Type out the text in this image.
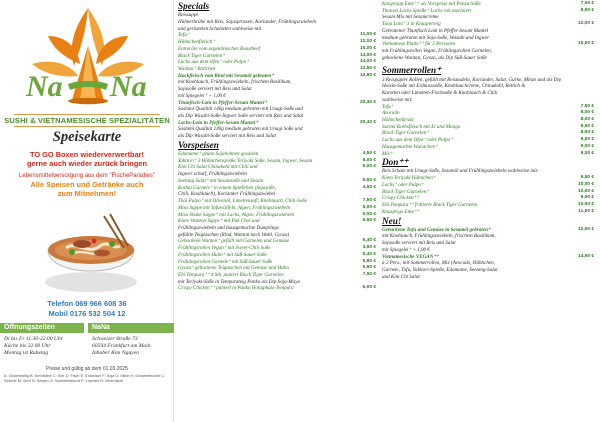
Na Na
SUSHI & VIETNAMESISCHE SPEZIALITÄTEN
Speisekarte
TO GO Boxen wiederverwertbar!
gerne auch wieder zurück bringen
Lebensmittelversorgung aus dem "FischeParadies"
Alle Speisen und Getränke auch
zum Mitnehmen!
Telefon 069 966 608 36
Mobil 0176 532 504 12
Öffnungszeiten	NaNa
Di bis Fr 11.30-22.00 Uhr
Küche bis 22.00 Uhr
Montag ist Ruhetag
Schweizer Straße 73
60594 Frankfurt am Main
Inhaber Kim Nguyen
Preise und gültig ab dem 01.03.2025
A: Glutenhaltig B: Krebstiere C: Eier D: Fisch E: Erdnüsse F: Soja G: Milch H: Schalenfrüchte L: Sellerie M: Senf N: Sesam O: Schwefeldioxid P: Lupinen R: Weichtiere
Specials
Reissuppe
Hühnerbrühe mit Reis, Sojasprossen, Koriander, Frühlingszwiebeln
und gerösteten Schalotten wahlweise mit
Tofu⁺	11,00 €
Hähnchenfleisch⁺	12,00 €
Entrecôte vom argentinischen Roastbeef	15,00 €
Black Tiger Garnelen⁺	14,00 €
Lachs aus dem Ofen⁺ oder Pulpo⁺	14,00 €
Wantan⁺ Bällchen	12,50 €
Hackfleisch vom Rind mit Sesamöl gebraten⁺	12,90 €
mit Knoblauch, Frühlingszwiebeln, frischem Basilikum,
Sojasoße serviert mit Reis und Salat
mit Spiegelei⁺ + 1,00 €
Thunfisch-Loin in Pfeffer-Sesam Mantel⁺	20,40 €
Sashimi Qualität 140g medium gebraten mit Unagi-Soße und
als Dip Wasabi-Soße-Ingwer Soße serviert mit Reis und Salat
Lachs-Loin in Pfeffer-Sesam Mantel⁺	20,40 €
Sashimi Qualität 140g medium gebraten mit Unagi Soße und
als Dip Wasabi-Soße serviert mit Reis und Salat
Vorspeisen
Edamame⁺ grüne Sojabohnen gesalzen	4,50 €
Yakitori⁺ 3 Hähnchenspieße Teriyaki Soße, Sesam, Ingwer, Sesam	6,00 €
Kim Chi Salat Chinakohl mit Chili und	6,00 €
Ingwer scharf, Frühlingszwiebeln
Seetang Salat⁺ mit Sesamsoße und Sesam	5,50 €
Kothai Garnele⁺ in einem Spießchen (Sojasoße,	4,50 €
Chili, Knoblauch), Koriander Frühlingszwiebel
Thai Pulpo⁺ mit Olivenöl, Limettensaft, Knoblauch, Chili-Soße	7,50 €
Miso Suppe mit Tofuwürfeln, Algen, Frühlingszwiebeln	5,00 €
Miso Shake Suppe⁺ mit Lachs, Algen, Frühlingszwiebeln	5,00 €
Klare Wanton Suppe⁺ mit Pak Choi und	6,50 €
Frühlingszwiebeln und hausgemachte Dumplings
gefüllte Teigtaschen (Rind, Wanton nach Wahl, Gyoza)
Gebackene Wantan⁺ gefüllt mit Garnelen und Gemüse	5,40 €
Frühlingsrollen Vegan⁺ mit Sweet-Chili Soße	4,90 €
Frühlingsrollen Huhn⁺ mit Süß-Sauer Soße	5,40 €
Frühlingsrollen Garnele⁺ mit Süß-Sauer Soße	5,90 €
Gyoza⁺ gebackene Teigtaschen mit Gemüse und Huhn	5,90 €
Ebi Tempura⁺⁺ 4 Stk. paniert Black Tiger Garnelen	7,50 €
mit Teriyaki-Soße in Tempurateig Panko als Dip Soja-Mayo
Crispy Chicken⁺⁺ paniert in Panko Honigmais-Tempura	6,00 €
Kaispropp Ente⁺⁺ als Vorspeise mit Ponzu-Soße	7,50 €
Thonsei Lachs Spieße⁺ Lachs roh mariniert	8,50 €
Sesam Mix mit Sesamcreme
Tuna Loin⁺ 3 in Knusperteig	12,00 €
Gebratener Thunfisch Loin in Pfeffer-Sesam Mantel
medium gebraten mit Soja-Soße, Wasabi und Ingwer
Vietnamese Platte⁺⁺ für 2 Personen	15,00 €
mit Frühlingsrollen Vegan, Frühlingsrollen Garnelen,
gebackene Wantan, Gyoza, als Dip Süß-Sauer Soße
Sommerrollen⁺
3 Reispapier Rollen, gefüllt mit Reisnudeln, Koriander, Salat, Gurke, Minze und als Dip
Hoisin-Soße mit Erdnusssoße, Knoblauchcreme, Chinakohl, Rettich &
Karotten oder Limetten-Fischsoße & Knoblauch & Chili
wahlweise mit:
Tofu⁺	7,50 €
Avocado	8,00 €
Hähnchenbrust	8,00 €
Surimi Krebsfleisch mit Ei und Mango	8,50 €
Black Tiger Garnelen⁺	8,50 €
Lachs aus dem Ofen⁺ oder Pulpo⁺	9,00 €
Hausgemachte Wurstchen⁺	9,00 €
Mix⁺	9,00 €
Don⁺⁺
Reis Schale mit Unagi-Soße, Sesamöl und Frühlingszwiebeln wahlweise mit:
Kiem Teriyaki Hähnchen⁺	9,50 €
Lachs⁺ oder Pulpo⁺	10,00 €
Black Tiger Garnelen⁺	10,00 €
Crispy Chicken⁺⁺	9,50 €
Ebi Tempura⁺⁺ frittierte Black Tiger Garnelen	10,50 €
Knusprige Ente⁺⁺	11,00 €
Neu!
Gebackene Tofu und Gemüse in Sesamöl gebraten⁺	12,50 €
mit Knoblauch, Frühlingszwiebeln, frischem Basilikum,
Sojasoße serviert mit Reis und Salat
mit Spiegelei⁺ + 1,00 €
Vietnamesische VEGAN⁺⁺	14,90 €
à 2 Pers., mit Sommerrollen, Mix (Avocado, Hähnchen,
Garnele, Tofu, Yakitori-Spieße, Edamame, Seetang-Salat
und Kim Chi Salat
